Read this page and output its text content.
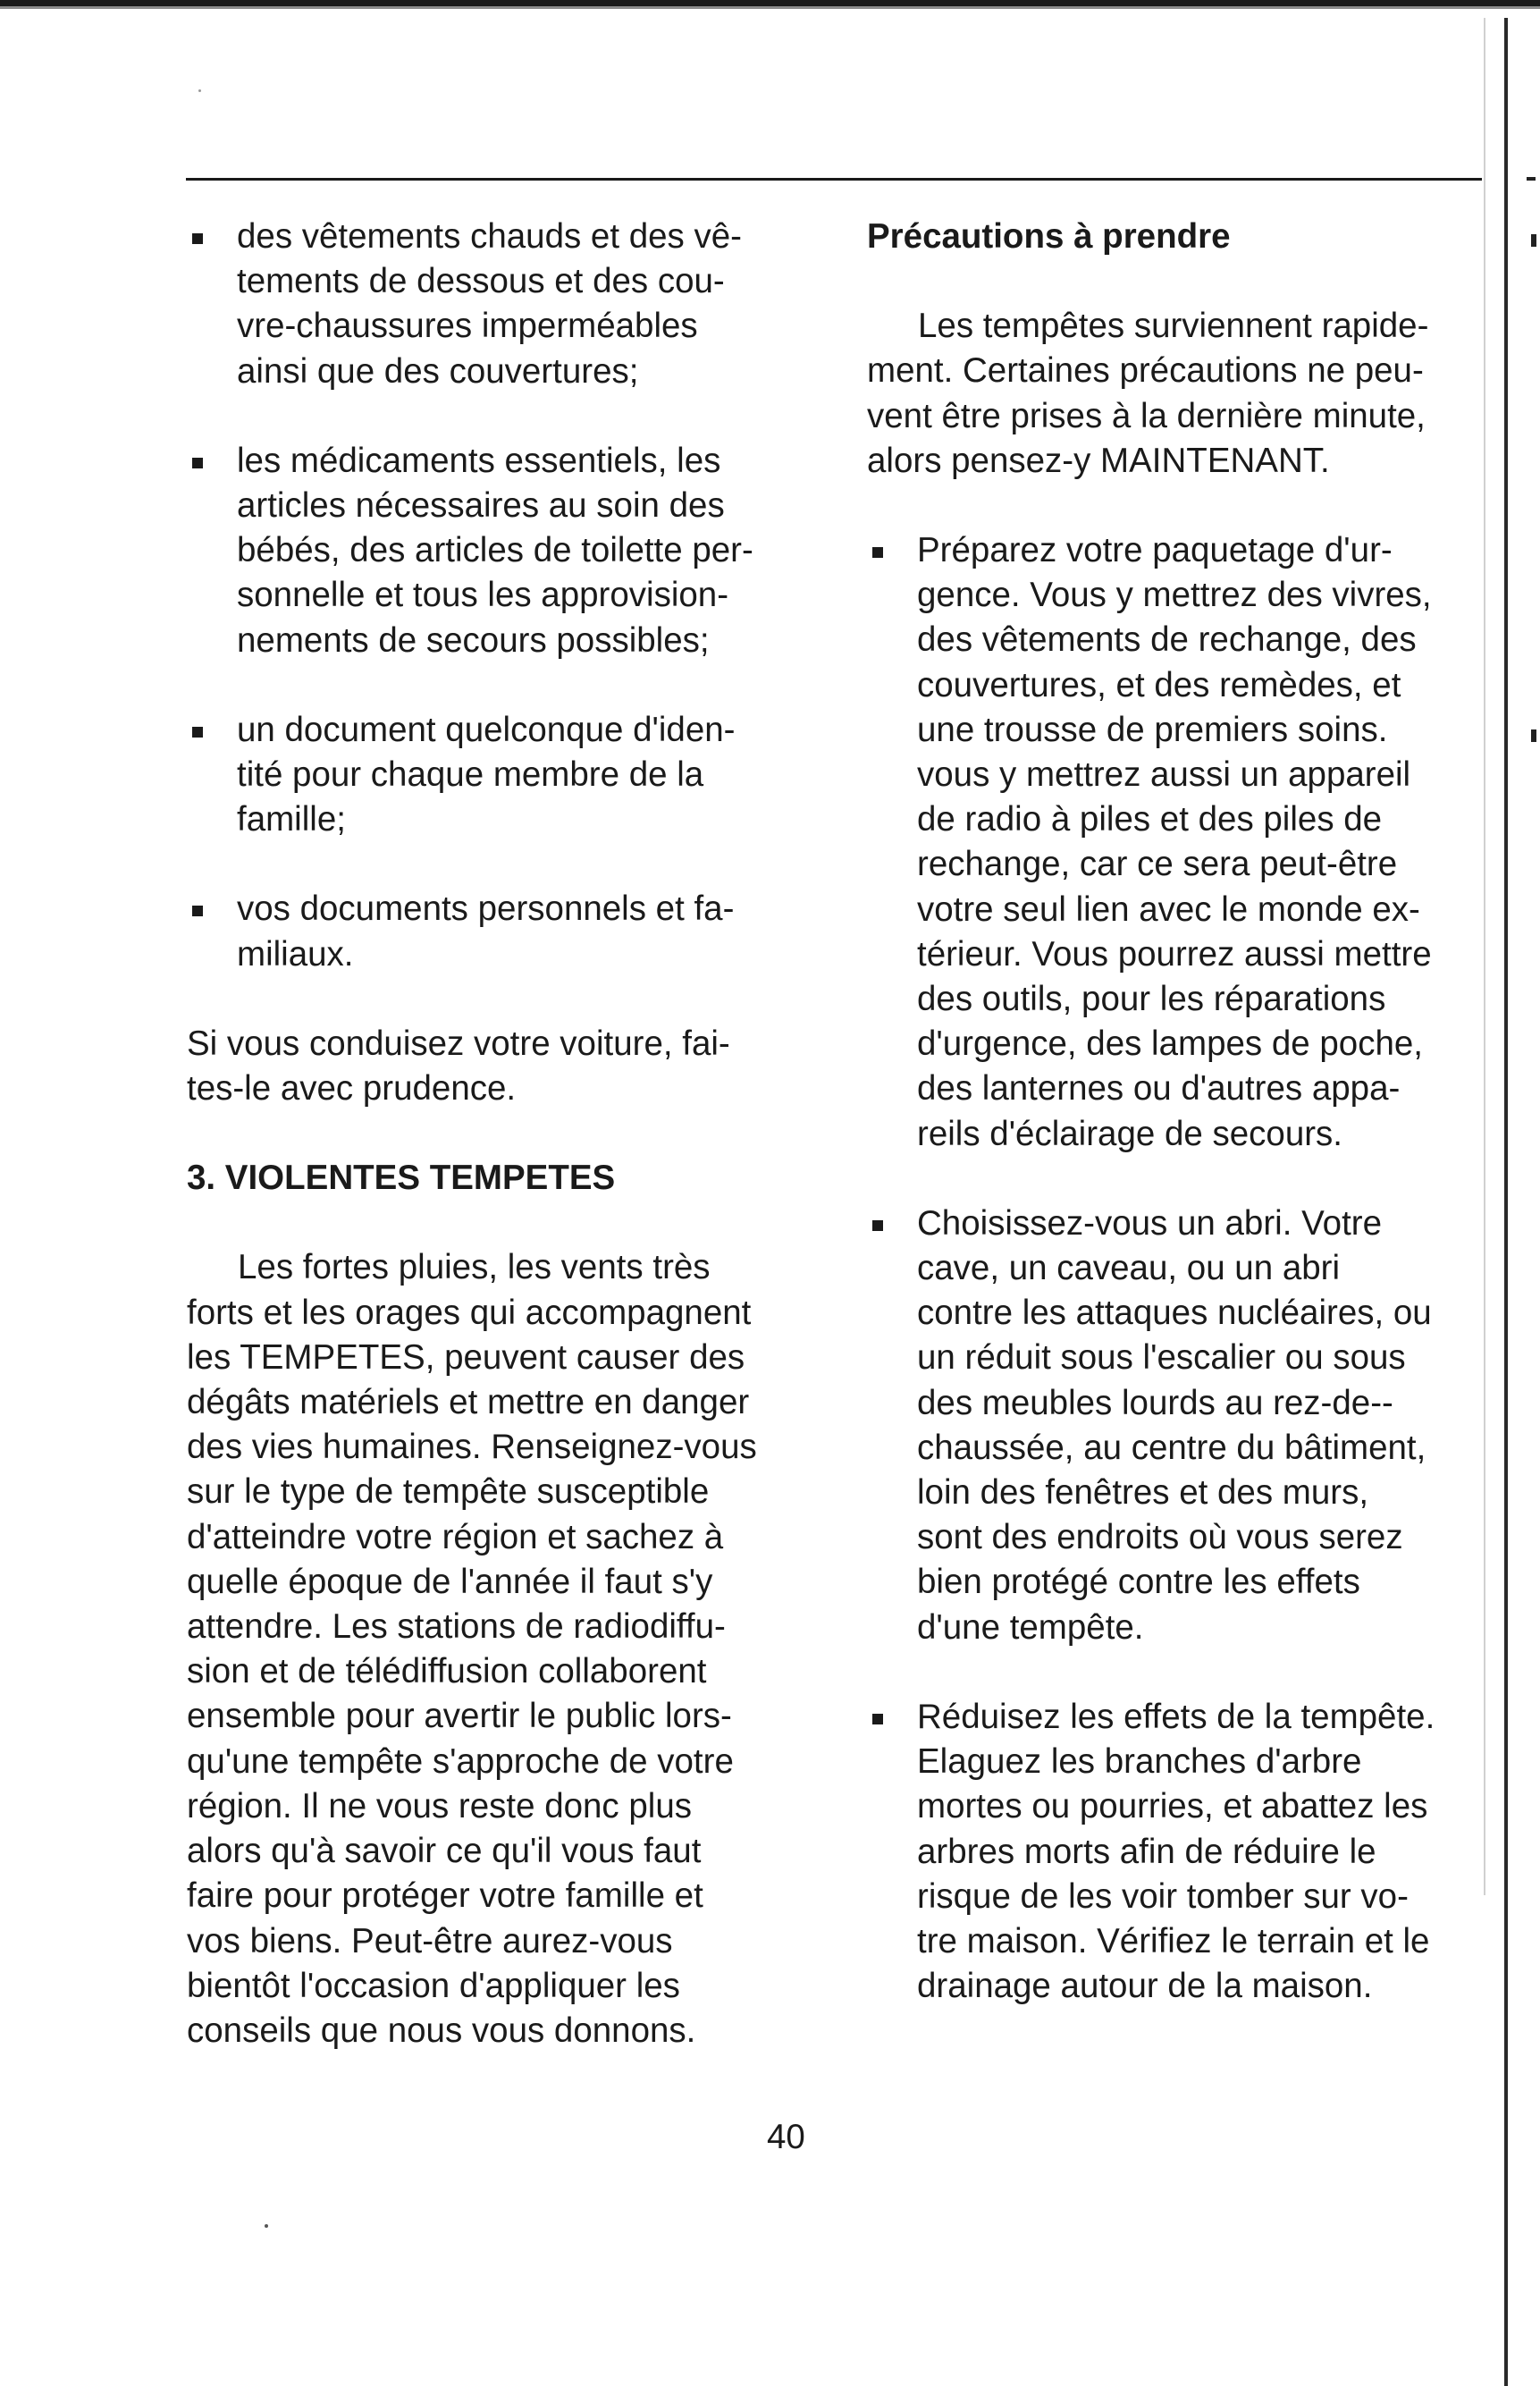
des vêtements chauds et des vê-
tements de dessous et des cou-
vre-chaussures imperméables
ainsi que des couvertures;
les médicaments essentiels, les
articles nécessaires au soin des
bébés, des articles de toilette per-
sonnelle et tous les approvision-
nements de secours possibles;
un document quelconque d'iden-
tité pour chaque membre de la
famille;
vos documents personnels et fa-
miliaux.
Si vous conduisez votre voiture, fai-
tes-le avec prudence.
3. VIOLENTES TEMPETES
Les fortes pluies, les vents très
forts et les orages qui accompagnent
les TEMPETES, peuvent causer des
dégâts matériels et mettre en danger
des vies humaines. Renseignez-vous
sur le type de tempête susceptible
d'atteindre votre région et sachez à
quelle époque de l'année il faut s'y
attendre. Les stations de radiodiffu-
sion et de télédiffusion collaborent
ensemble pour avertir le public lors-
qu'une tempête s'approche de votre
région. Il ne vous reste donc plus
alors qu'à savoir ce qu'il vous faut
faire pour protéger votre famille et
vos biens. Peut-être aurez-vous
bientôt l'occasion d'appliquer les
conseils que nous vous donnons.
Précautions à prendre
Les tempêtes surviennent rapide-
ment. Certaines précautions ne peu-
vent être prises à la dernière minute,
alors pensez-y MAINTENANT.
Préparez votre paquetage d'ur-
gence. Vous y mettrez des vivres,
des vêtements de rechange, des
couvertures, et des remèdes, et
une trousse de premiers soins.
vous y mettrez aussi un appareil
de radio à piles et des piles de
rechange, car ce sera peut-être
votre seul lien avec le monde ex-
térieur. Vous pourrez aussi mettre
des outils, pour les réparations
d'urgence, des lampes de poche,
des lanternes ou d'autres appa-
reils d'éclairage de secours.
Choisissez-vous un abri. Votre
cave, un caveau, ou un abri
contre les attaques nucléaires, ou
un réduit sous l'escalier ou sous
des meubles lourds au rez-de--
chaussée, au centre du bâtiment,
loin des fenêtres et des murs,
sont des endroits où vous serez
bien protégé contre les effets
d'une tempête.
Réduisez les effets de la tempête.
Elaguez les branches d'arbre
mortes ou pourries, et abattez les
arbres morts afin de réduire le
risque de les voir tomber sur vo-
tre maison. Vérifiez le terrain et le
drainage autour de la maison.
40
